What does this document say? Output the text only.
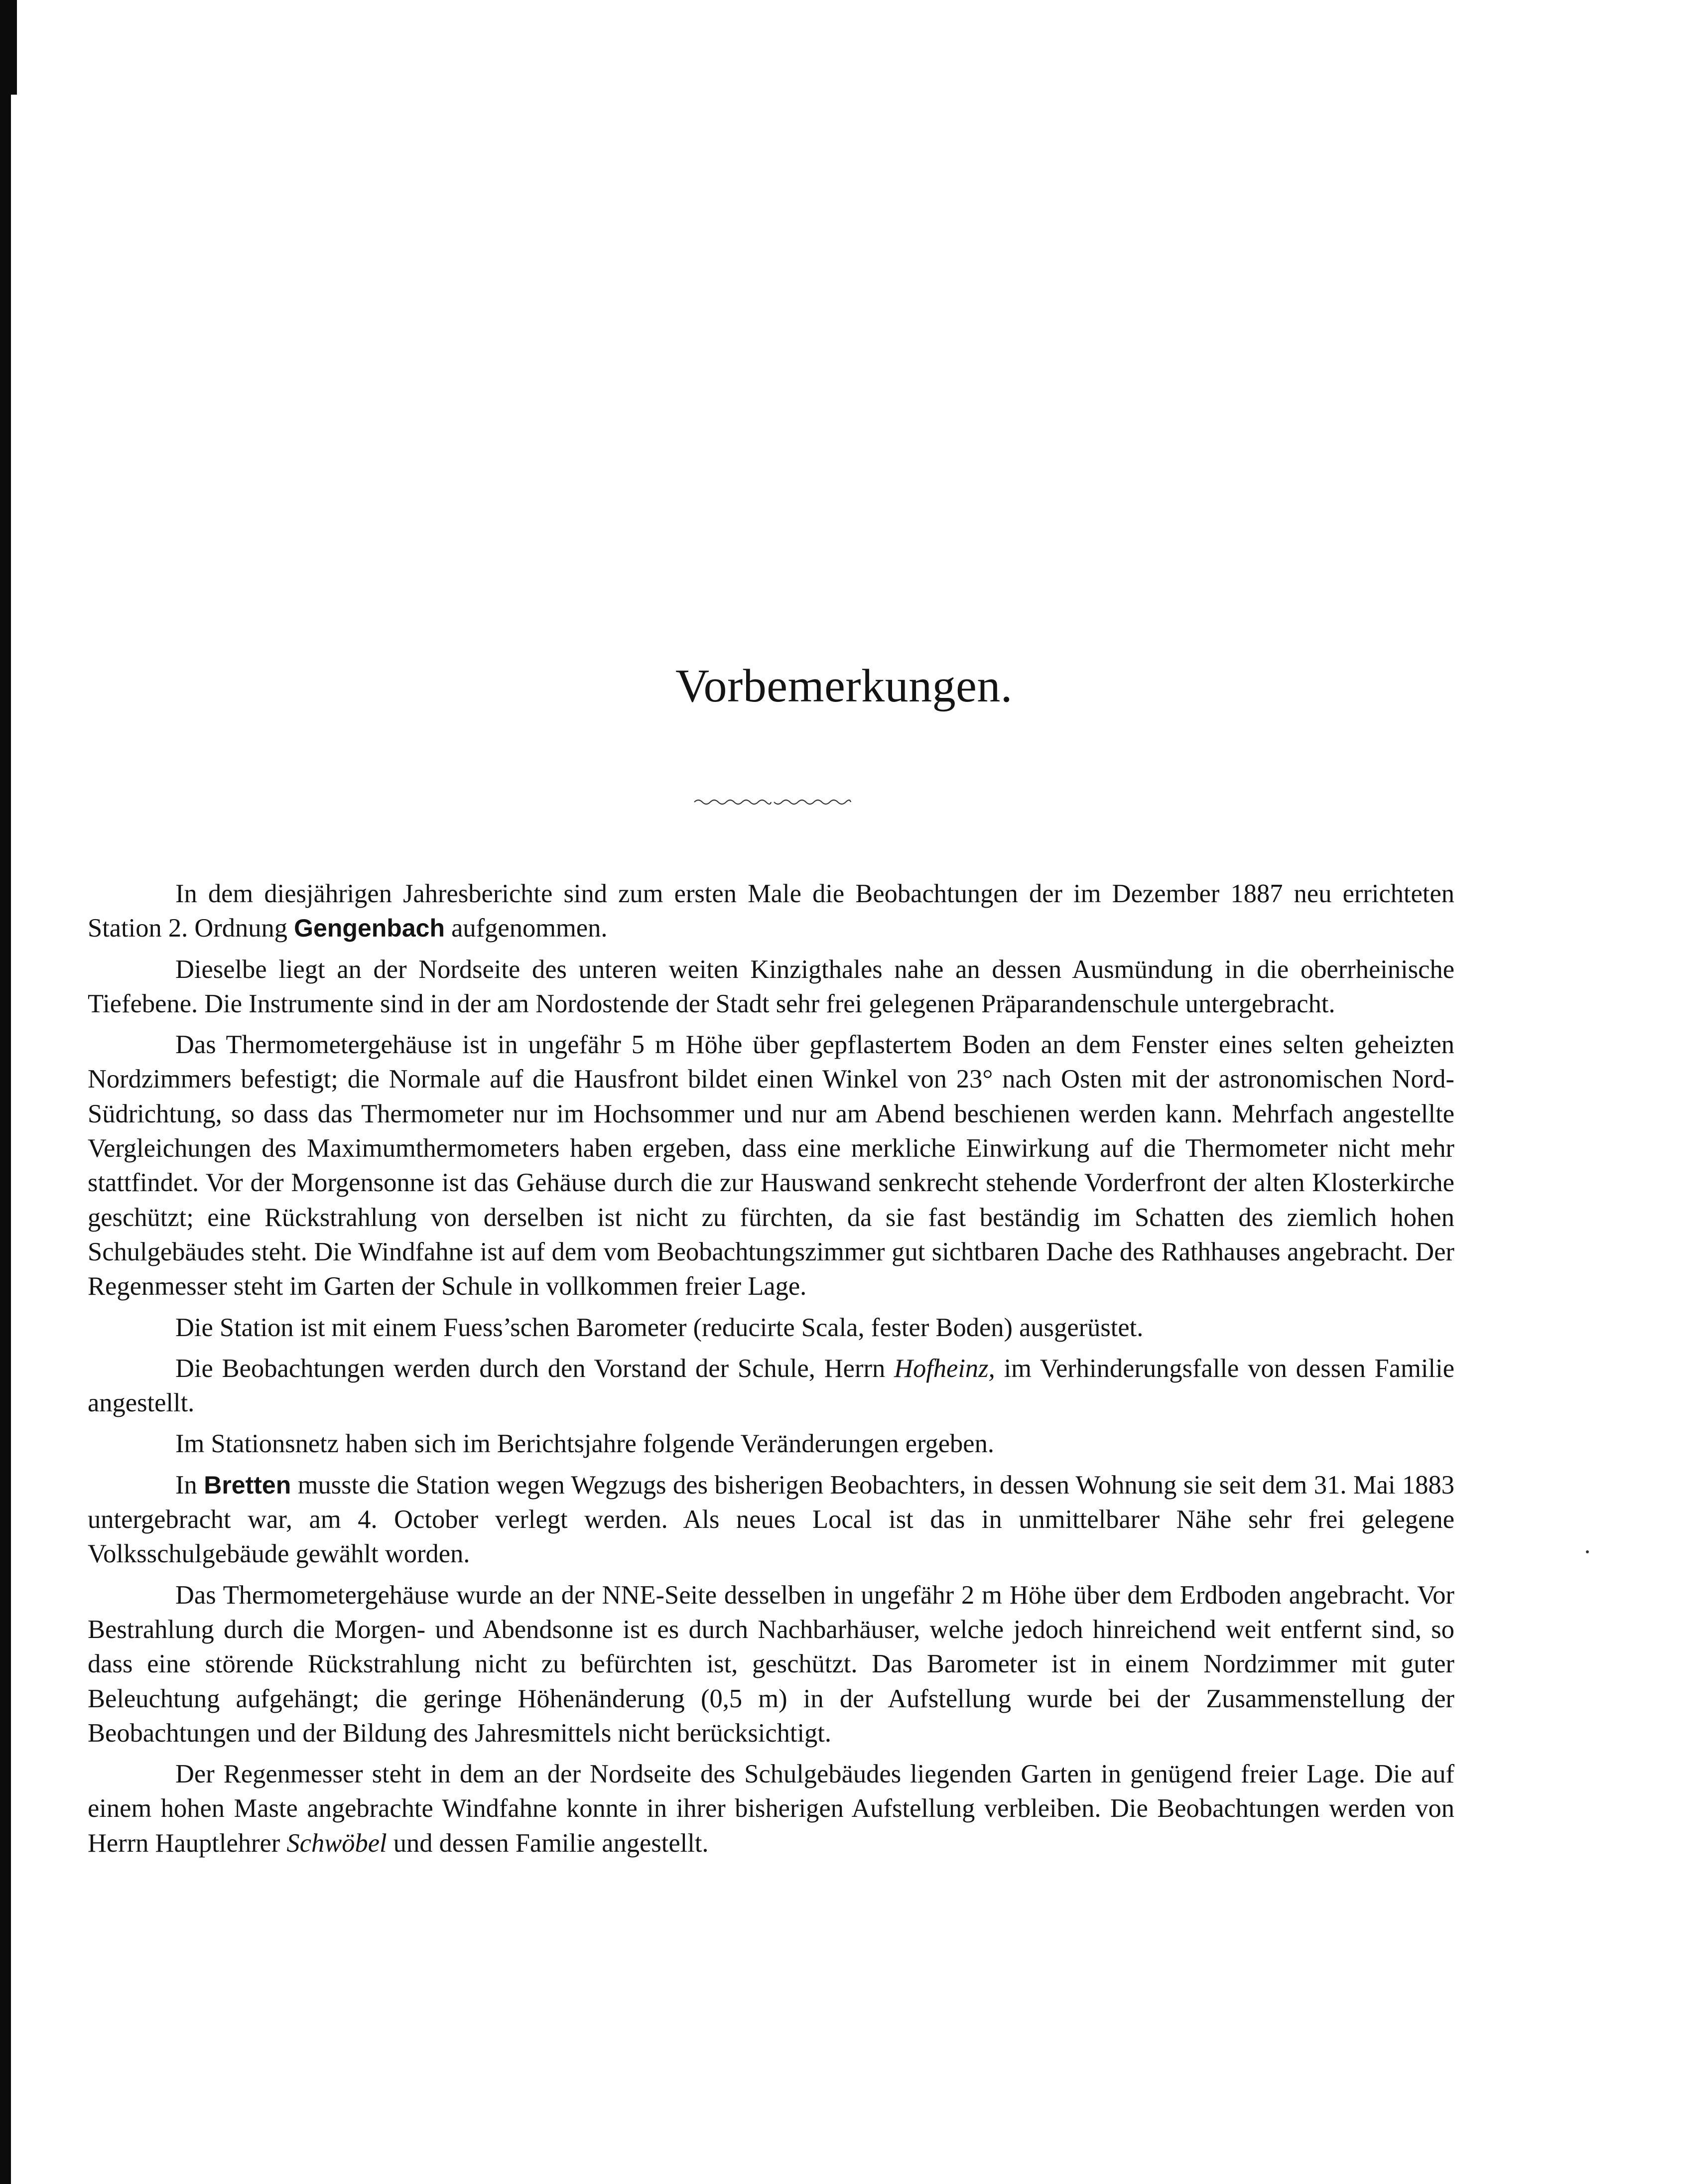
Vorbemerkungen.

In dem diesjährigen Jahresberichte sind zum ersten Male die Beobachtungen der im Dezember 1887 neu errichteten Station 2. Ordnung Gengenbach aufgenommen.

Dieselbe liegt an der Nordseite des unteren weiten Kinzigthales nahe an dessen Ausmündung in die oberrheinische Tiefebene. Die Instrumente sind in der am Nordostende der Stadt sehr frei gelegenen Präparandenschule untergebracht.

Das Thermometergehäuse ist in ungefähr 5 m Höhe über gepflastertem Boden an dem Fenster eines selten geheizten Nordzimmers befestigt; die Normale auf die Hausfront bildet einen Winkel von 23° nach Osten mit der astronomischen Nord-Südrichtung, so dass das Thermometer nur im Hochsommer und nur am Abend beschienen werden kann. Mehrfach angestellte Vergleichungen des Maximumthermometers haben ergeben, dass eine merkliche Einwirkung auf die Thermometer nicht mehr stattfindet. Vor der Morgensonne ist das Gehäuse durch die zur Hauswand senkrecht stehende Vorderfront der alten Klosterkirche geschützt; eine Rückstrahlung von derselben ist nicht zu fürchten, da sie fast beständig im Schatten des ziemlich hohen Schulgebäudes steht. Die Windfahne ist auf dem vom Beobachtungszimmer gut sichtbaren Dache des Rathhauses angebracht. Der Regenmesser steht im Garten der Schule in vollkommen freier Lage.

Die Station ist mit einem Fuess’schen Barometer (reducirte Scala, fester Boden) ausgerüstet.

Die Beobachtungen werden durch den Vorstand der Schule, Herrn Hofheinz, im Verhinderungsfalle von dessen Familie angestellt.

Im Stationsnetz haben sich im Berichtsjahre folgende Veränderungen ergeben.

In Bretten musste die Station wegen Wegzugs des bisherigen Beobachters, in dessen Wohnung sie seit dem 31. Mai 1883 untergebracht war, am 4. October verlegt werden. Als neues Local ist das in unmittelbarer Nähe sehr frei gelegene Volksschulgebäude gewählt worden.

Das Thermometergehäuse wurde an der NNE-Seite desselben in ungefähr 2 m Höhe über dem Erdboden angebracht. Vor Bestrahlung durch die Morgen- und Abendsonne ist es durch Nachbarhäuser, welche jedoch hinreichend weit entfernt sind, so dass eine störende Rückstrahlung nicht zu befürchten ist, geschützt. Das Barometer ist in einem Nordzimmer mit guter Beleuchtung aufgehängt; die geringe Höhenänderung (0,5 m) in der Aufstellung wurde bei der Zusammenstellung der Beobachtungen und der Bildung des Jahresmittels nicht berücksichtigt.

Der Regenmesser steht in dem an der Nordseite des Schulgebäudes liegenden Garten in genügend freier Lage. Die auf einem hohen Maste angebrachte Windfahne konnte in ihrer bisherigen Aufstellung verbleiben. Die Beobachtungen werden von Herrn Hauptlehrer Schwöbel und dessen Familie angestellt.
